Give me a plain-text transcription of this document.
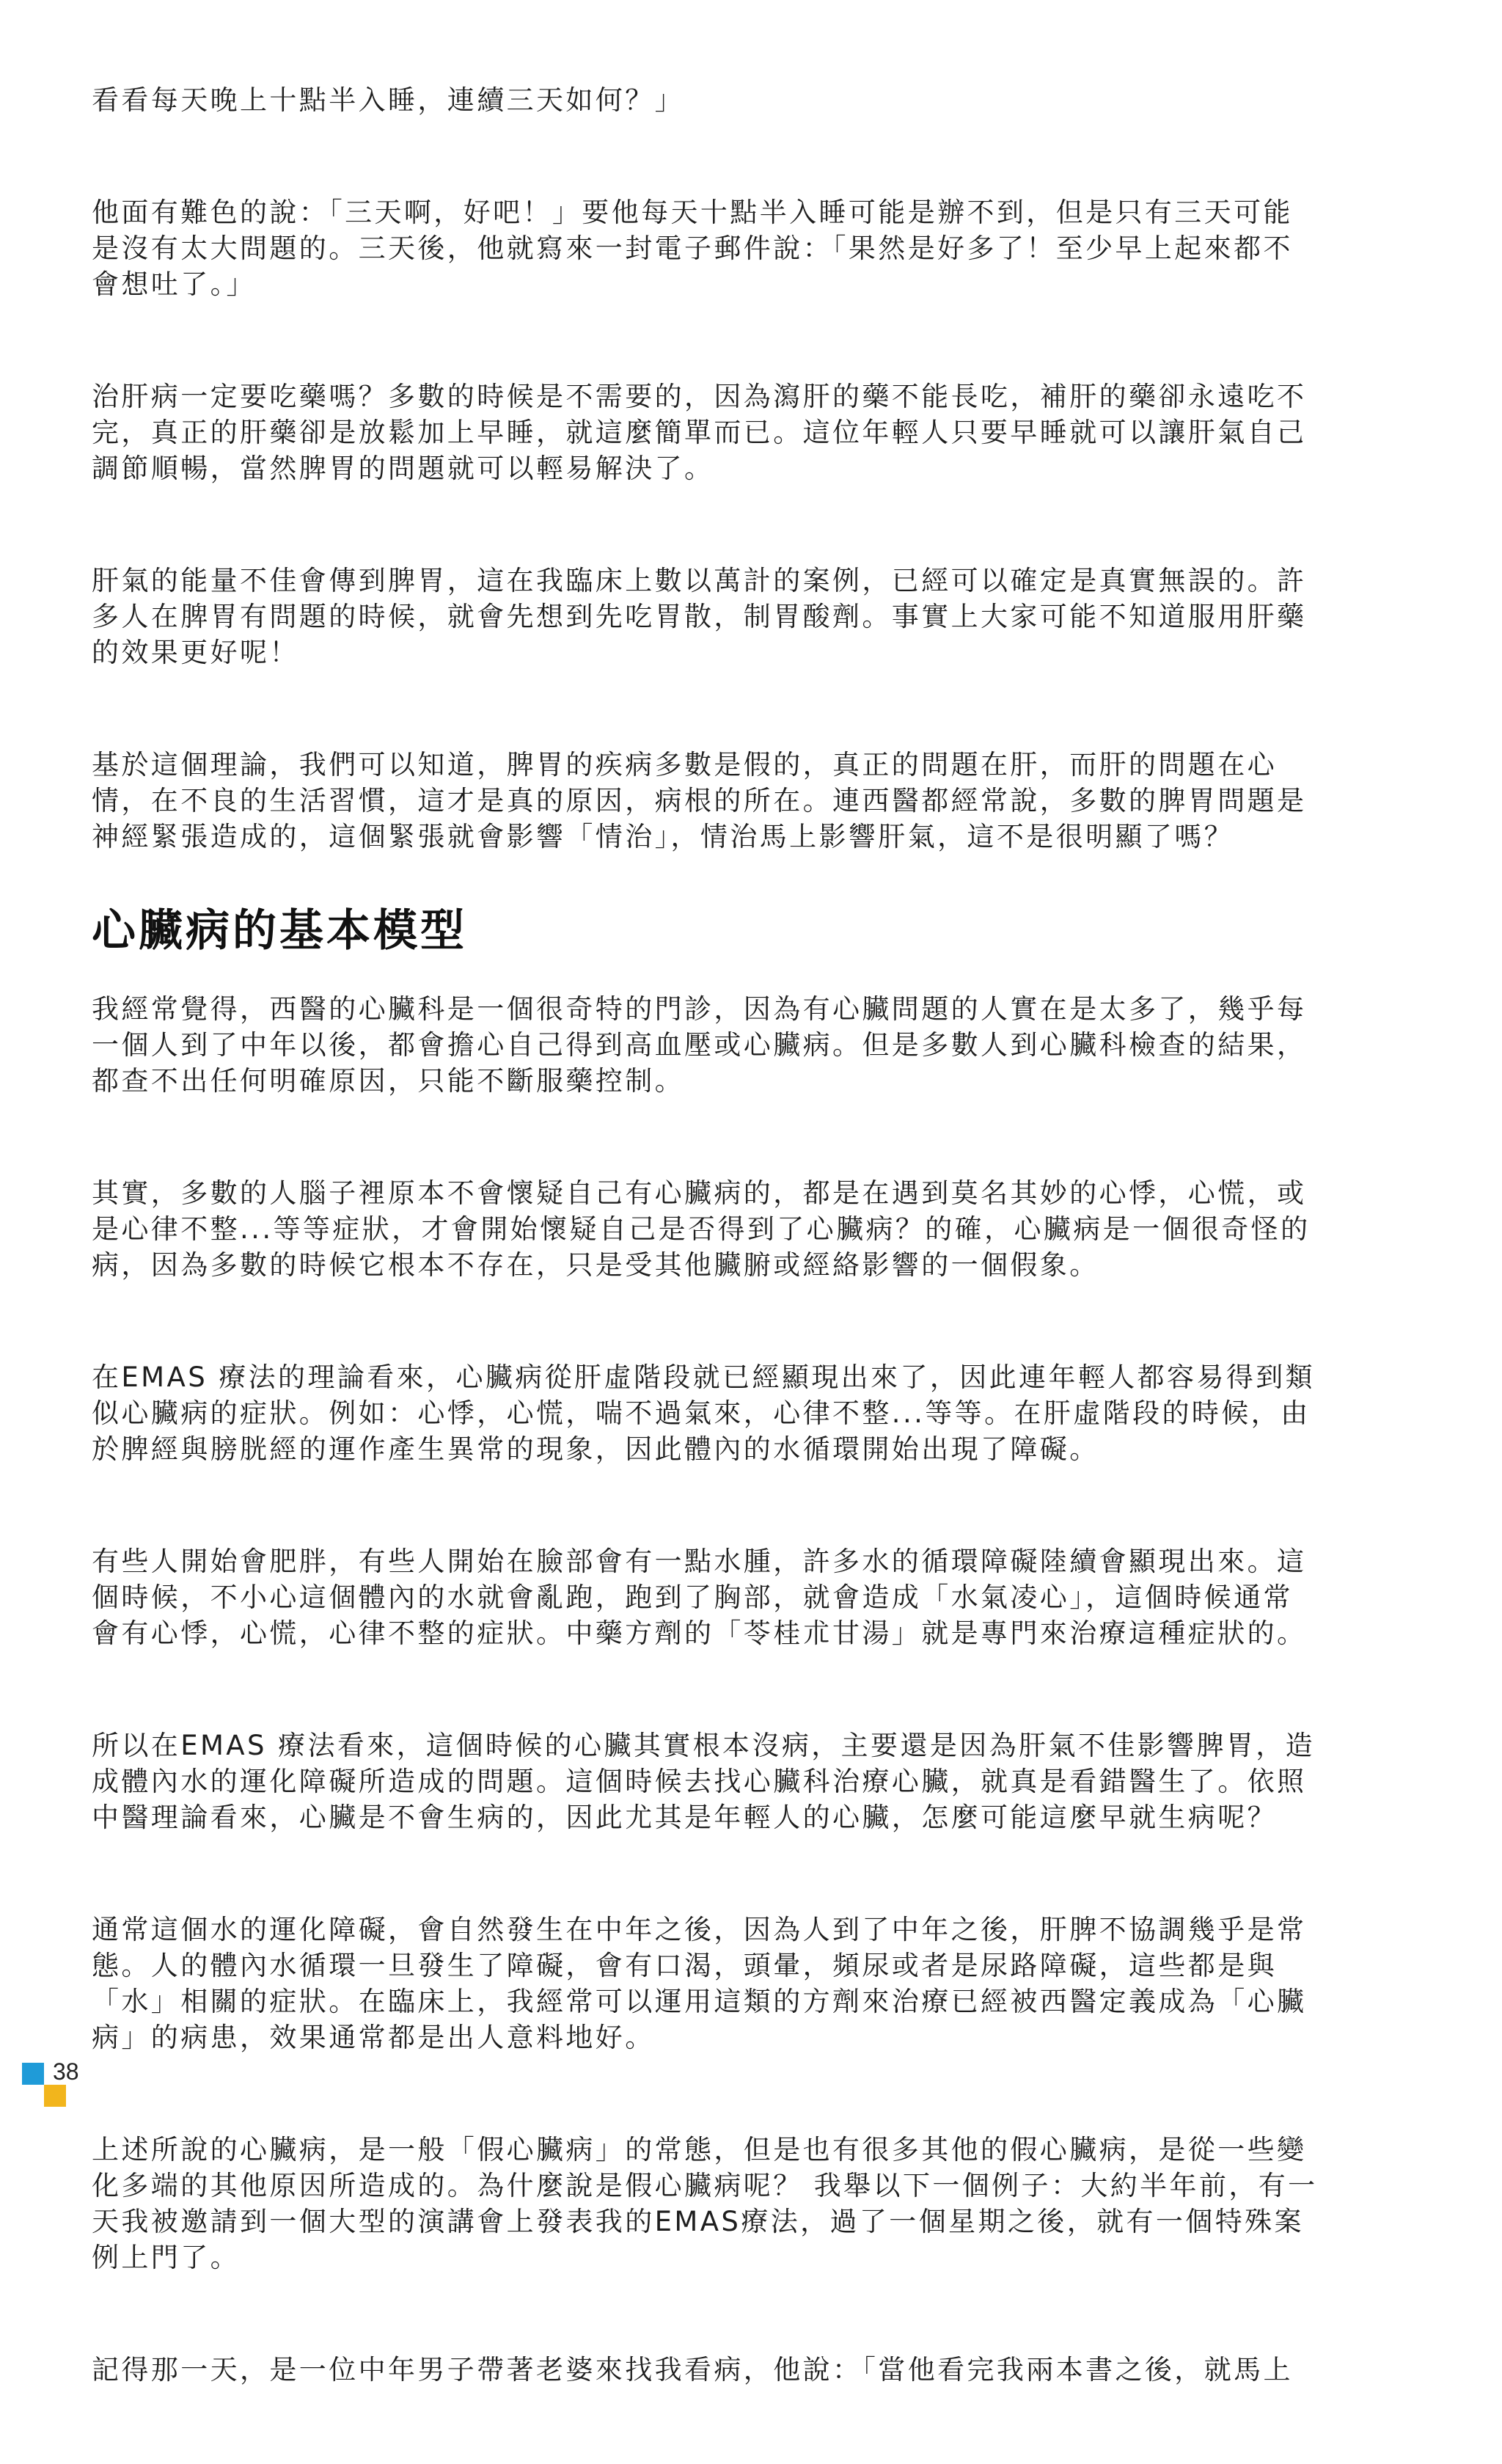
看看每天晚上十點半入睡，連續三天如何？」

他面有難色的說：「三天啊，好吧！」要他每天十點半入睡可能是辦不到，但是只有三天可能
是沒有太大問題的。三天後，他就寫來一封電子郵件說：「果然是好多了！至少早上起來都不
會想吐了。」

治肝病一定要吃藥嗎？多數的時候是不需要的，因為瀉肝的藥不能長吃，補肝的藥卻永遠吃不
完，真正的肝藥卻是放鬆加上早睡，就這麼簡單而已。這位年輕人只要早睡就可以讓肝氣自己
調節順暢，當然脾胃的問題就可以輕易解決了。

肝氣的能量不佳會傳到脾胃，這在我臨床上數以萬計的案例，已經可以確定是真實無誤的。許
多人在脾胃有問題的時候，就會先想到先吃胃散，制胃酸劑。事實上大家可能不知道服用肝藥
的效果更好呢！

基於這個理論，我們可以知道，脾胃的疾病多數是假的，真正的問題在肝，而肝的問題在心
情，在不良的生活習慣，這才是真的原因，病根的所在。連西醫都經常說，多數的脾胃問題是
神經緊張造成的，這個緊張就會影響「情治」，情治馬上影響肝氣，這不是很明顯了嗎？

心臟病的基本模型

我經常覺得，西醫的心臟科是一個很奇特的門診，因為有心臟問題的人實在是太多了，幾乎每
一個人到了中年以後，都會擔心自己得到高血壓或心臟病。但是多數人到心臟科檢查的結果，
都查不出任何明確原因，只能不斷服藥控制。

其實，多數的人腦子裡原本不會懷疑自己有心臟病的，都是在遇到莫名其妙的心悸，心慌，或
是心律不整...等等症狀，才會開始懷疑自己是否得到了心臟病？的確，心臟病是一個很奇怪的
病，因為多數的時候它根本不存在，只是受其他臟腑或經絡影響的一個假象。

在EMAS 療法的理論看來，心臟病從肝虛階段就已經顯現出來了，因此連年輕人都容易得到類
似心臟病的症狀。例如：心悸，心慌，喘不過氣來，心律不整...等等。在肝虛階段的時候，由
於脾經與膀胱經的運作產生異常的現象，因此體內的水循環開始出現了障礙。

有些人開始會肥胖，有些人開始在臉部會有一點水腫，許多水的循環障礙陸續會顯現出來。這
個時候，不小心這個體內的水就會亂跑，跑到了胸部，就會造成「水氣凌心」，這個時候通常
會有心悸，心慌，心律不整的症狀。中藥方劑的「苓桂朮甘湯」就是專門來治療這種症狀的。

所以在EMAS 療法看來，這個時候的心臟其實根本沒病，主要還是因為肝氣不佳影響脾胃，造
成體內水的運化障礙所造成的問題。這個時候去找心臟科治療心臟，就真是看錯醫生了。依照
中醫理論看來，心臟是不會生病的，因此尤其是年輕人的心臟，怎麼可能這麼早就生病呢？

通常這個水的運化障礙，會自然發生在中年之後，因為人到了中年之後，肝脾不協調幾乎是常
態。人的體內水循環一旦發生了障礙，會有口渴，頭暈，頻尿或者是尿路障礙，這些都是與
「水」相關的症狀。在臨床上，我經常可以運用這類的方劑來治療已經被西醫定義成為「心臟
病」的病患，效果通常都是出人意料地好。

上述所說的心臟病，是一般「假心臟病」的常態，但是也有很多其他的假心臟病，是從一些變
化多端的其他原因所造成的。為什麼說是假心臟病呢？ 我舉以下一個例子：大約半年前，有一
天我被邀請到一個大型的演講會上發表我的EMAS療法，過了一個星期之後，就有一個特殊案
例上門了。

記得那一天，是一位中年男子帶著老婆來找我看病，他說：「當他看完我兩本書之後，就馬上

38
